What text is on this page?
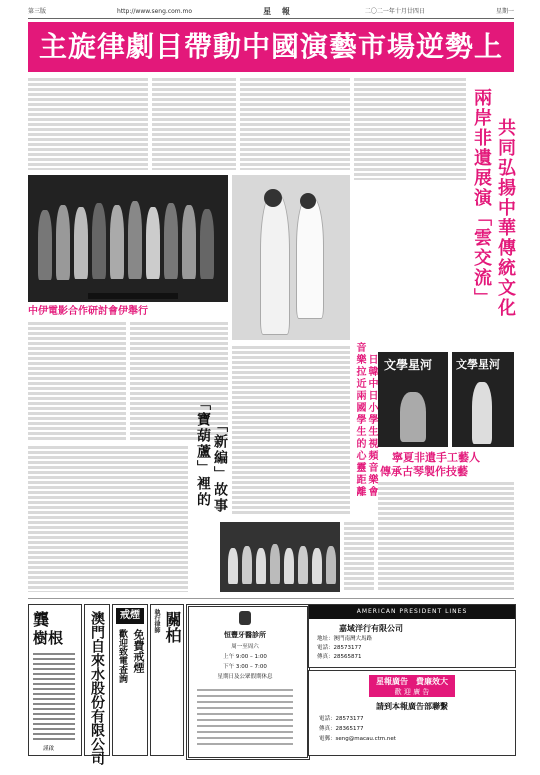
第三版	http://www.seng.com.mo	星 報	二〇二一年十月廿四日	星期一
主旋律劇目帶動中國演藝市場逆勢上
兩岸非遺展演「雲交流」 共同弘揚中華傳統文化
中伊電影合作研討會伊舉行
音樂拉近兩國學生的心靈距離 日韓中日小學生視頻音樂會 文學星河 文學星河
寧夏非遺手工藝人
傳承古琴製作技藝
「寶葫蘆」裡的 「新編」故事
龔
樹根
謹啟 澳門自來水股份有限公司	戒煙
免費戒煙
歡迎致電查詢
執行律師 關柏	恒豐牙醫診所
周一至周六
上午 9:00 – 1:00
下午 3:00 – 7:00
星期日及公眾假期休息
AMERICAN PRESIDENT LINES
嘉域洋行有限公司
地址：澳門南灣大馬路
電話：28573177
傳真：28565871
星報廣告　費廉效大
歡 迎 廣 告
請到本報廣告部聯繫
電話：28573177
傳真：28365177
電郵：seng@macau.ctm.net
